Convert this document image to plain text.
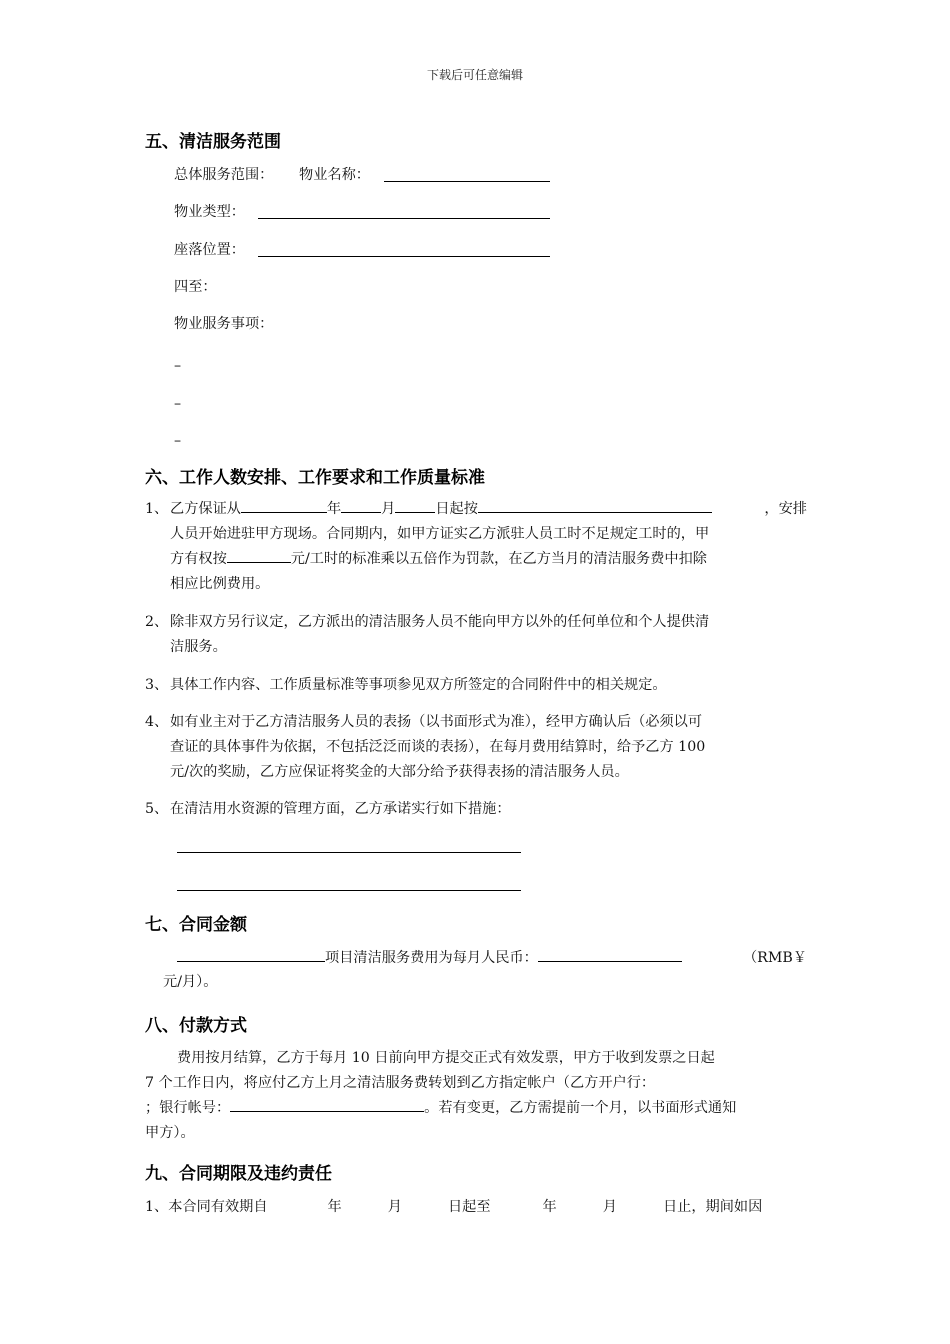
下载后可任意编辑
五、清洁服务范围
总体服务范围： 物业名称：
物业类型：
座落位置：
四至：
物业服务事项：
–
–
–
六、工作人数安排、工作要求和工作质量标准
1、 乙方保证从	年	月	日起按	，安排
人员开始进驻甲方现场。合同期内，如甲方证实乙方派驻人员工时不足规定工时的，甲
方有权按	元/工时的标准乘以五倍作为罚款，在乙方当月的清洁服务费中扣除
相应比例费用。
2、 除非双方另行议定，乙方派出的清洁服务人员不能向甲方以外的任何单位和个人提供清
洁服务。
3、 具体工作内容、工作质量标准等事项参见双方所签定的合同附件中的相关规定。
4、 如有业主对于乙方清洁服务人员的表扬（以书面形式为准），经甲方确认后（必须以可
查证的具体事件为依据，不包括泛泛而谈的表扬），在每月费用结算时，给予乙方 100
元/次的奖励，乙方应保证将奖金的大部分给予获得表扬的清洁服务人员。
5、 在清洁用水资源的管理方面，乙方承诺实行如下措施：
七、合同金额
项目清洁服务费用为每月人民币：	（RMB￥
元/月）。
八、付款方式
费用按月结算，乙方于每月 10 日前向甲方提交正式有效发票，甲方于收到发票之日起
7 个工作日内，将应付乙方上月之清洁服务费转划到乙方指定帐户（乙方开户行：
；银行帐号：	。若有变更，乙方需提前一个月，以书面形式通知
甲方）。
九、合同期限及违约责任
1、本合同有效期自	年	月	日起至	年	月	日止，期间如因
